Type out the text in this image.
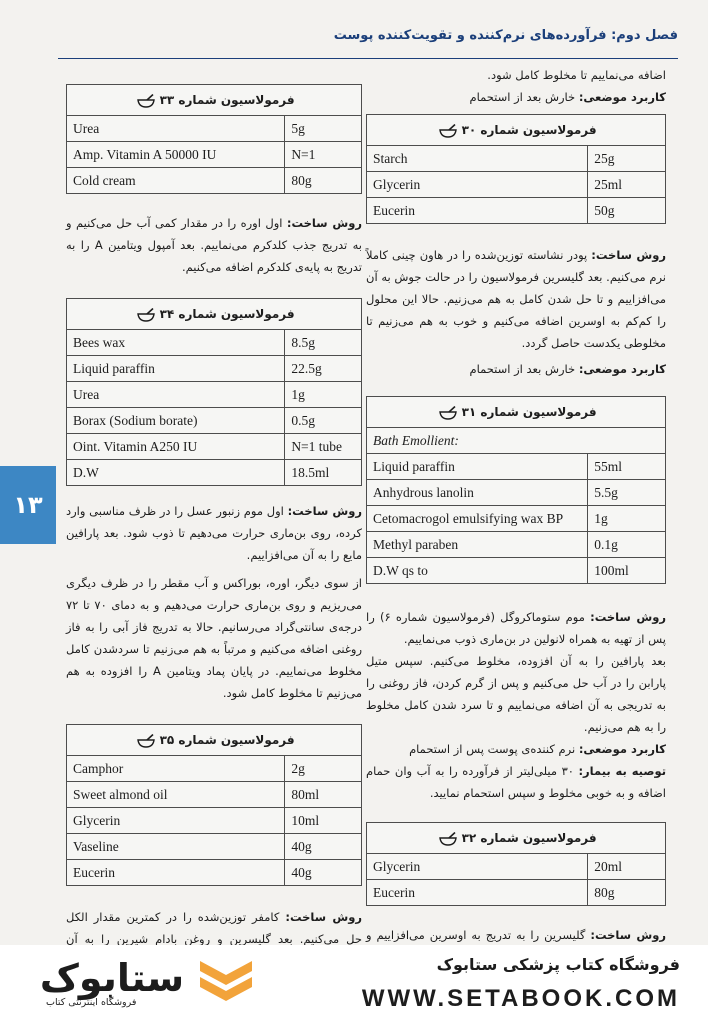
فصل دوم: فرآورده‌های نرم‌کننده و تقویت‌کننده پوست
۱۳
فرمولاسیون شماره ۳۳	
Urea	5g
Amp. Vitamin A 50000 IU	N=1
Cold cream	80g

روش ساخت: اول اوره را در مقدار کمی آب حل می‌کنیم و به تدریج جذب کلدکرم می‌نماییم. بعد آمپول ویتامین A را به تدریج به پایه‌ی کلدکرم اضافه می‌کنیم.

فرمولاسیون شماره ۳۴	
Bees wax	8.5g
Liquid paraffin	22.5g
Urea	1g
Borax (Sodium borate)	0.5g
Oint. Vitamin A250 IU	N=1 tube
D.W	18.5ml

روش ساخت: اول موم زنبور عسل را در ظرف مناسبی وارد کرده، روی بن‌ماری حرارت می‌دهیم تا ذوب شود. بعد پارافین مایع را به آن می‌افزاییم.

از سوی دیگر، اوره، بوراکس و آب مقطر را در ظرف دیگری می‌ریزیم و روی بن‌ماری حرارت می‌دهیم و به دمای ۷۰ تا ۷۲ درجه‌ی سانتی‌گراد می‌رسانیم. حالا به تدریج فاز آبی را به فاز روغنی اضافه می‌کنیم و مرتباً به هم می‌زنیم تا سردشدن کامل مخلوط می‌نماییم. در پایان پماد ویتامین A را افزوده به هم می‌زنیم تا مخلوط کامل شود.

فرمولاسیون شماره ۳۵	
Camphor	2g
Sweet almond oil	80ml
Glycerin	10ml
Vaseline	40g
Eucerin	40g

روش ساخت: کامفر توزین‌شده را در کمترین مقدار الکل حل می‌کنیم. بعد گلیسرین و روغن بادام شیرین را به آن

اضافه می‌نماییم تا مخلوط کامل شود.

کاربرد موضعی: خارش بعد از استحمام

فرمولاسیون شماره ۳۰	
Starch	25g
Glycerin	25ml
Eucerin	50g

روش ساخت: پودر نشاسته توزین‌شده را در هاون چینی کاملاً نرم می‌کنیم. بعد گلیسرین فرمولاسیون را در حالت جوش به آن می‌افزاییم و تا حل شدن کامل به هم می‌زنیم. حالا این محلول را کم‌کم به اوسرین اضافه می‌کنیم و خوب به هم می‌زنیم تا مخلوطی یکدست حاصل گردد.

کاربرد موضعی: خارش بعد از استحمام

فرمولاسیون شماره ۳۱	
Bath Emollient:	
Liquid paraffin	55ml
Anhydrous lanolin	5.5g
Cetomacrogol emulsifying wax BP	1g
Methyl paraben	0.1g
D.W qs to	100ml

روش ساخت: موم ستوماکروگل (فرمولاسیون شماره ۶) را پس از تهیه به همراه لانولین در بن‌ماری ذوب می‌نماییم.

بعد پارافین را به آن افزوده، مخلوط می‌کنیم. سپس متیل پارابن را در آب حل می‌کنیم و پس از گرم کردن، فاز روغنی را به تدریجی به آن اضافه می‌نماییم و تا سرد شدن کامل مخلوط را به هم می‌زنیم.

کاربرد موضعی: نرم کننده‌ی پوست پس از استحمام

توصیه به بیمار: ۳۰ میلی‌لیتر از فرآورده را به آب وان حمام اضافه و به خوبی مخلوط و سپس استحمام نمایید.

فرمولاسیون شماره ۳۲	
Glycerin	20ml
Eucerin	80g

روش ساخت: گلیسرین را به تدریج به اوسرین می‌افزاییم و

ستابوک
فروشگاه اینترنتی کتاب
فروشگاه کتاب پزشکی ستابوک
WWW.SETABOOK.COM
